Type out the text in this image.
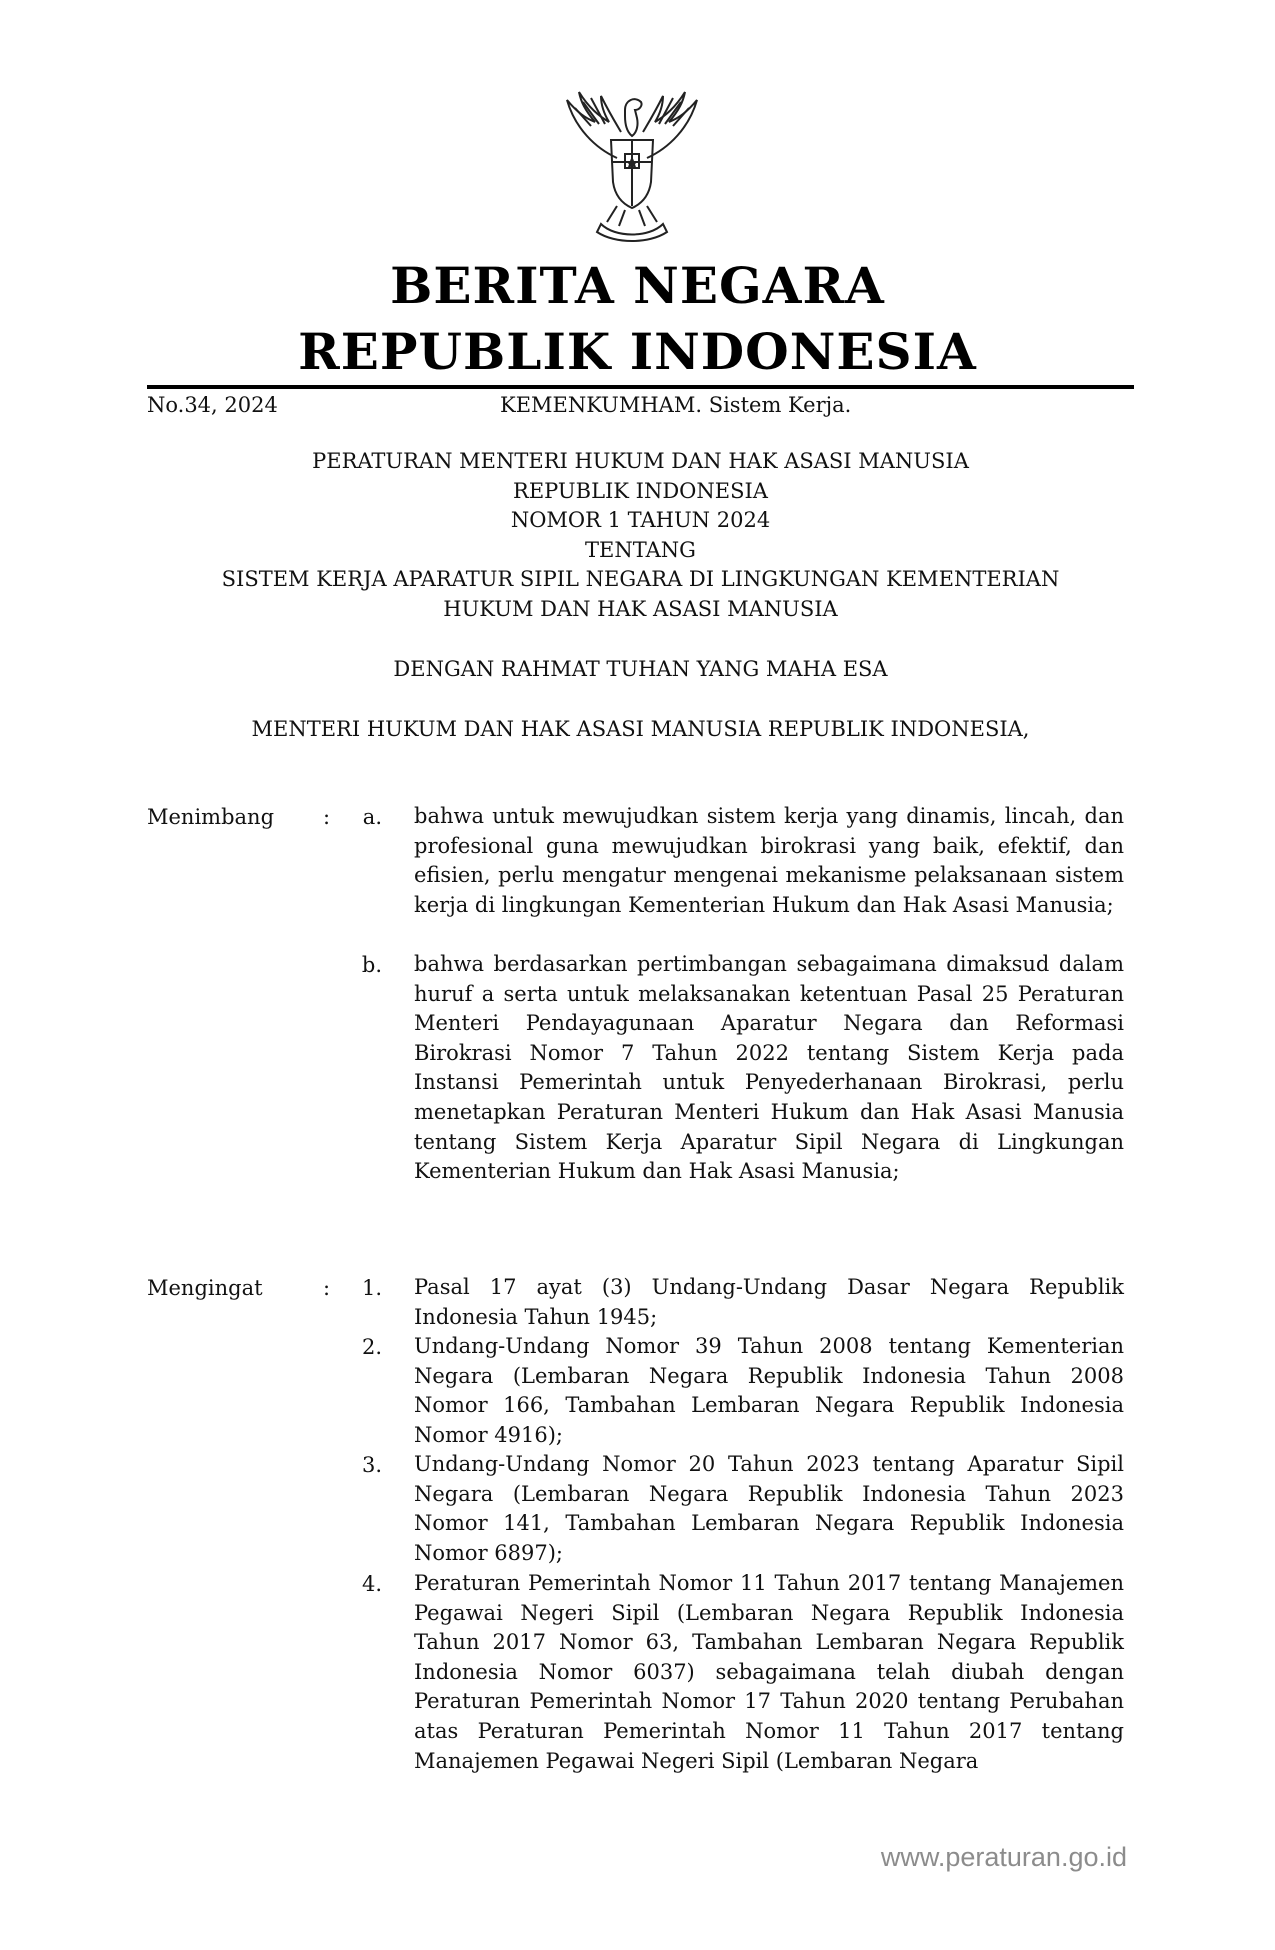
BERITA NEGARA
REPUBLIK INDONESIA
No.34, 2024	KEMENKUMHAM. Sistem Kerja.
PERATURAN MENTERI HUKUM DAN HAK ASASI MANUSIA
REPUBLIK INDONESIA
NOMOR 1 TAHUN 2024
TENTANG
SISTEM KERJA APARATUR SIPIL NEGARA DI LINGKUNGAN KEMENTERIAN
HUKUM DAN HAK ASASI MANUSIA
DENGAN RAHMAT TUHAN YANG MAHA ESA
MENTERI HUKUM DAN HAK ASASI MANUSIA REPUBLIK INDONESIA,
Menimbang :	a. bahwa untuk mewujudkan sistem kerja yang dinamis, lincah, dan profesional guna mewujudkan birokrasi yang baik, efektif, dan efisien, perlu mengatur mengenai mekanisme pelaksanaan sistem kerja di lingkungan Kementerian Hukum dan Hak Asasi Manusia;
b. bahwa berdasarkan pertimbangan sebagaimana dimaksud dalam huruf a serta untuk melaksanakan ketentuan Pasal 25 Peraturan Menteri Pendayagunaan Aparatur Negara dan Reformasi Birokrasi Nomor 7 Tahun 2022 tentang Sistem Kerja pada Instansi Pemerintah untuk Penyederhanaan Birokrasi, perlu menetapkan Peraturan Menteri Hukum dan Hak Asasi Manusia tentang Sistem Kerja Aparatur Sipil Negara di Lingkungan Kementerian Hukum dan Hak Asasi Manusia;
Mengingat	:	1. Pasal 17 ayat (3) Undang-Undang Dasar Negara Republik Indonesia Tahun 1945;
2. Undang-Undang Nomor 39 Tahun 2008 tentang Kementerian Negara (Lembaran Negara Republik Indonesia Tahun 2008 Nomor 166, Tambahan Lembaran Negara Republik Indonesia Nomor 4916);
3. Undang-Undang Nomor 20 Tahun 2023 tentang Aparatur Sipil Negara (Lembaran Negara Republik Indonesia Tahun 2023 Nomor 141, Tambahan Lembaran Negara Republik Indonesia Nomor 6897);
4. Peraturan Pemerintah Nomor 11 Tahun 2017 tentang Manajemen Pegawai Negeri Sipil (Lembaran Negara Republik Indonesia Tahun 2017 Nomor 63, Tambahan Lembaran Negara Republik Indonesia Nomor 6037) sebagaimana telah diubah dengan Peraturan Pemerintah Nomor 17 Tahun 2020 tentang Perubahan atas Peraturan Pemerintah Nomor 11 Tahun 2017 tentang Manajemen Pegawai Negeri Sipil (Lembaran Negara
www.peraturan.go.id
